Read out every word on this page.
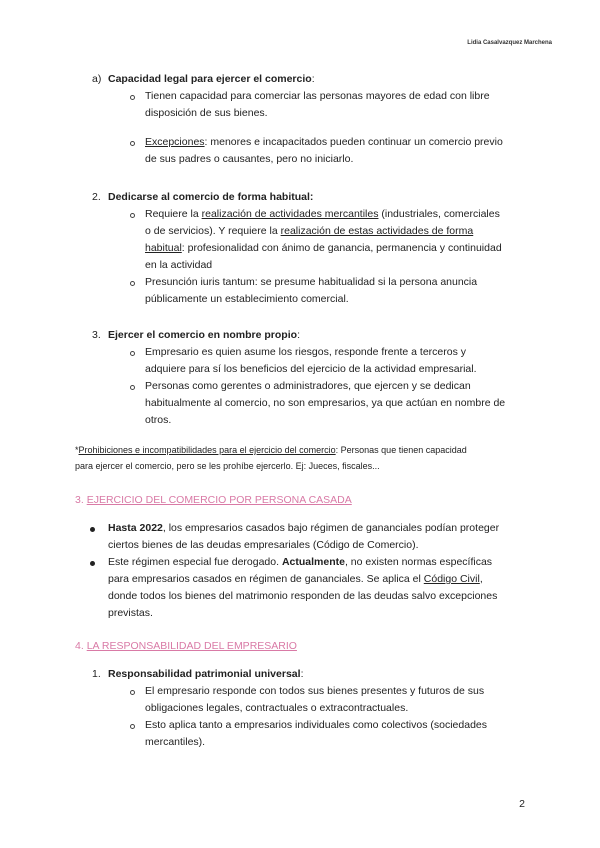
Lidia Casalvazquez Marchena
a) Capacidad legal para ejercer el comercio:
Tienen capacidad para comerciar las personas mayores de edad con libre
disposición de sus bienes.
Excepciones: menores e incapacitados pueden continuar un comercio previo
de sus padres o causantes, pero no iniciarlo.
2. Dedicarse al comercio de forma habitual:
Requiere la realización de actividades mercantiles (industriales, comerciales
o de servicios). Y requiere la realización de estas actividades de forma
habitual: profesionalidad con ánimo de ganancia, permanencia y continuidad
en la actividad
Presunción iuris tantum: se presume habitualidad si la persona anuncia
públicamente un establecimiento comercial.
3. Ejercer el comercio en nombre propio:
Empresario es quien asume los riesgos, responde frente a terceros y
adquiere para sí los beneficios del ejercicio de la actividad empresarial.
Personas como gerentes o administradores, que ejercen y se dedican
habitualmente al comercio, no son empresarios, ya que actúan en nombre de
otros.
*Prohibiciones e incompatibilidades para el ejercicio del comercio: Personas que tienen capacidad
para ejercer el comercio, pero se les prohíbe ejercerlo. Ej: Jueces, fiscales...
3. EJERCICIO DEL COMERCIO POR PERSONA CASADA
Hasta 2022, los empresarios casados bajo régimen de gananciales podían proteger
ciertos bienes de las deudas empresariales (Código de Comercio).
Este régimen especial fue derogado. Actualmente, no existen normas específicas
para empresarios casados en régimen de gananciales. Se aplica el Código Civil,
donde todos los bienes del matrimonio responden de las deudas salvo excepciones
previstas.
4. LA RESPONSABILIDAD DEL EMPRESARIO
1. Responsabilidad patrimonial universal:
El empresario responde con todos sus bienes presentes y futuros de sus
obligaciones legales, contractuales o extracontractuales.
Esto aplica tanto a empresarios individuales como colectivos (sociedades
mercantiles).
2
